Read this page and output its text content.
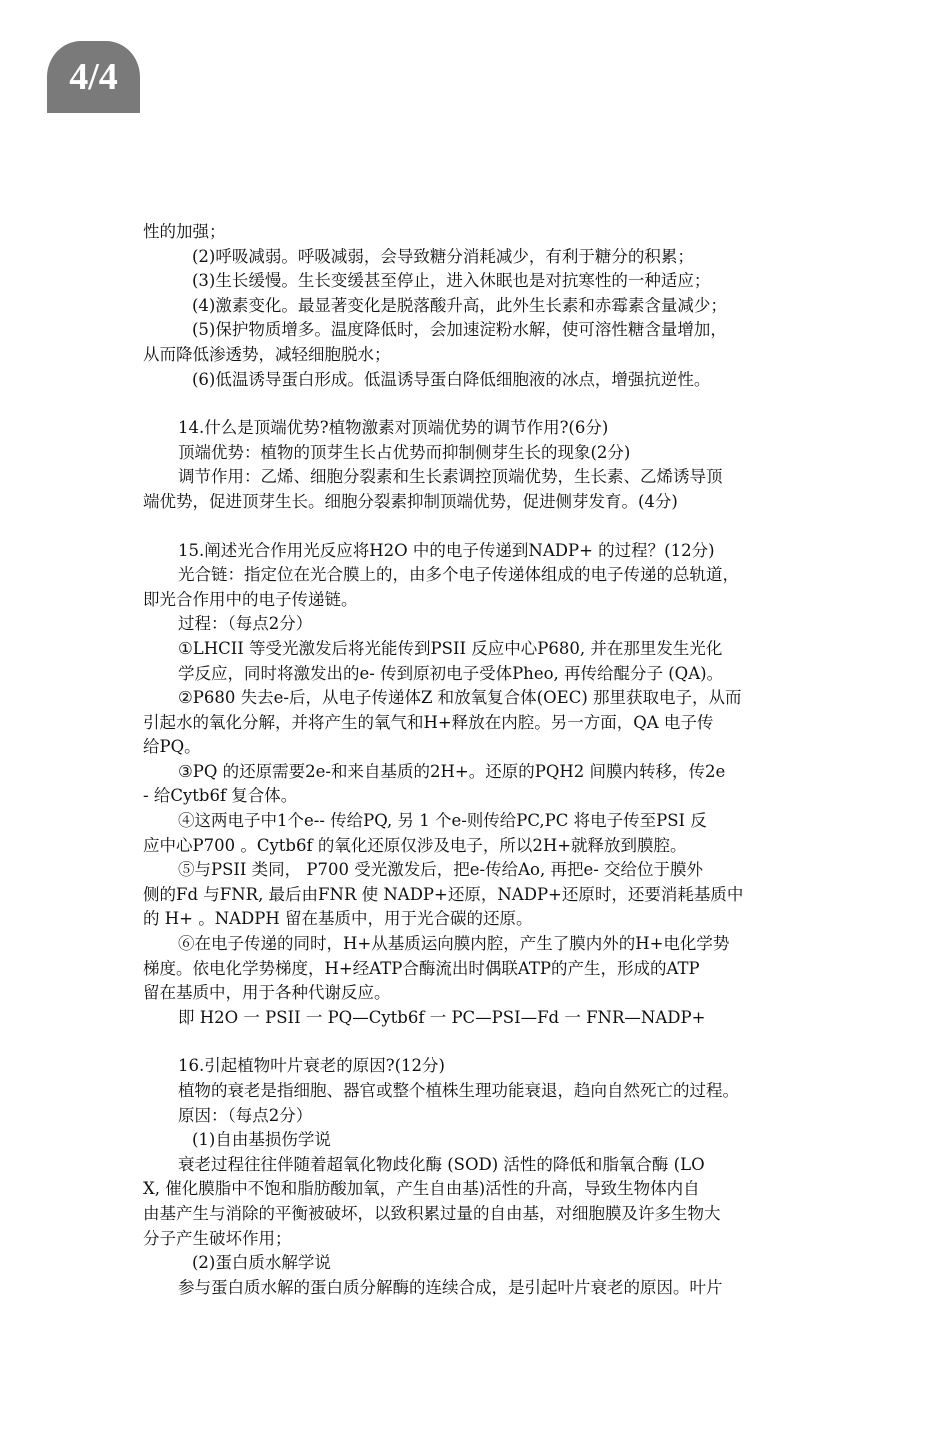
4/4
性的加强；
(2)呼吸减弱。呼吸减弱，会导致糖分消耗减少，有利于糖分的积累；
(3)生长缓慢。生长变缓甚至停止，进入休眠也是对抗寒性的一种适应；
(4)激素变化。最显著变化是脱落酸升高，此外生长素和赤霉素含量减少；
(5)保护物质增多。温度降低时，会加速淀粉水解，使可溶性糖含量增加，
从而降低渗透势，减轻细胞脱水；
(6)低温诱导蛋白形成。低温诱导蛋白降低细胞液的冰点，增强抗逆性。
14.什么是顶端优势?植物激素对顶端优势的调节作用?(6分)
顶端优势：植物的顶芽生长占优势而抑制侧芽生长的现象(2分)
调节作用：乙烯、细胞分裂素和生长素调控顶端优势，生长素、乙烯诱导顶
端优势，促进顶芽生长。细胞分裂素抑制顶端优势，促进侧芽发育。(4分)
15.阐述光合作用光反应将H2O 中的电子传递到NADP+ 的过程？(12分)
光合链：指定位在光合膜上的，由多个电子传递体组成的电子传递的总轨道，
即光合作用中的电子传递链。
过程：（每点2分）
①LHCII 等受光激发后将光能传到PSII 反应中心P680, 并在那里发生光化
学反应，同时将激发出的e- 传到原初电子受体Pheo, 再传给醌分子 (QA)。
②P680 失去e-后，从电子传递体Z 和放氧复合体(OEC) 那里获取电子，从而
引起水的氧化分解，并将产生的氧气和H+释放在内腔。另一方面，QA 电子传
给PQ。
③PQ 的还原需要2e-和来自基质的2H+。还原的PQH2 间膜内转移，传2e
- 给Cytb6f 复合体。
④这两电子中1个e-- 传给PQ, 另 1 个e-则传给PC,PC 将电子传至PSI 反
应中心P700 。Cytb6f 的氧化还原仅涉及电子，所以2H+就释放到膜腔。
⑤与PSII 类同， P700 受光激发后，把e-传给Ao, 再把e- 交给位于膜外
侧的Fd 与FNR, 最后由FNR 使 NADP+还原，NADP+还原时，还要消耗基质中
的 H+ 。NADPH 留在基质中，用于光合碳的还原。
⑥在电子传递的同时，H+从基质运向膜内腔，产生了膜内外的H+电化学势
梯度。依电化学势梯度，H+经ATP合酶流出时偶联ATP的产生，形成的ATP
留在基质中，用于各种代谢反应。
即 H2O 一 PSII 一 PQ—Cytb6f 一 PC—PSI—Fd 一 FNR—NADP+
16.引起植物叶片衰老的原因?(12分)
植物的衰老是指细胞、器官或整个植株生理功能衰退，趋向自然死亡的过程。
原因：（每点2分）
(1)自由基损伤学说
衰老过程往往伴随着超氧化物歧化酶 (SOD) 活性的降低和脂氧合酶 (LO
X, 催化膜脂中不饱和脂肪酸加氧，产生自由基)活性的升高，导致生物体内自
由基产生与消除的平衡被破坏，以致积累过量的自由基，对细胞膜及许多生物大
分子产生破坏作用；
(2)蛋白质水解学说
参与蛋白质水解的蛋白质分解酶的连续合成，是引起叶片衰老的原因。叶片
